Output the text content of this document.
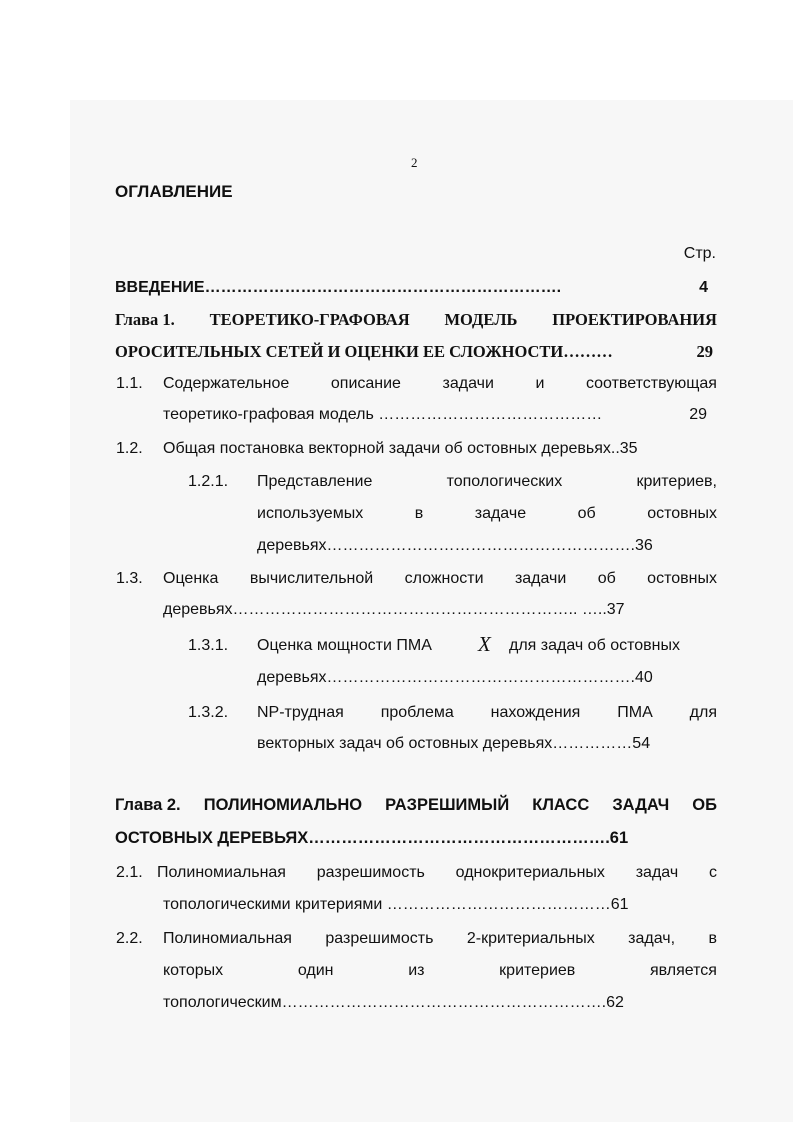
2
ОГЛАВЛЕНИЕ
Стр.
ВВЕДЕНИЕ………………………………………………………….	4
Глава 1. ТЕОРЕТИКО-ГРАФОВАЯ МОДЕЛЬ ПРОЕКТИРОВАНИЯ
ОРОСИТЕЛЬНЫХ СЕТЕЙ И ОЦЕНКИ ЕЕ СЛОЖНОСТИ………	29
1.1. Содержательное	описание	задачи	и	соответствующая
теоретико-графовая модель ……………………………………	29
1.2. Общая постановка векторной задачи об остовных деревьях..35
1.2.1. Представление	топологических	критериев,
используемых	в	задаче	об	остовных
деревьях………………………………………………….36
1.3. Оценка вычислительной сложности задачи об остовных
деревьях……………………………………………………….. …..37
1.3.1. Оценка мощности ПМА X для задач об остовных
деревьях………………………………………………….40
1.3.2. NP-трудная проблема нахождения ПМА для
векторных задач об остовных деревьях……………54
Глава 2. ПОЛИНОМИАЛЬНО РАЗРЕШИМЫЙ КЛАСС ЗАДАЧ ОБ
ОСТОВНЫХ ДЕРЕВЬЯХ……………………………………………….61
2.1. Полиномиальная разрешимость однокритериальных задач с
топологическими критериями ……………………………………61
2.2. Полиномиальная разрешимость 2-критериальных задач, в
которых	один	из	критериев	является
топологическим…………………………………………………….62
